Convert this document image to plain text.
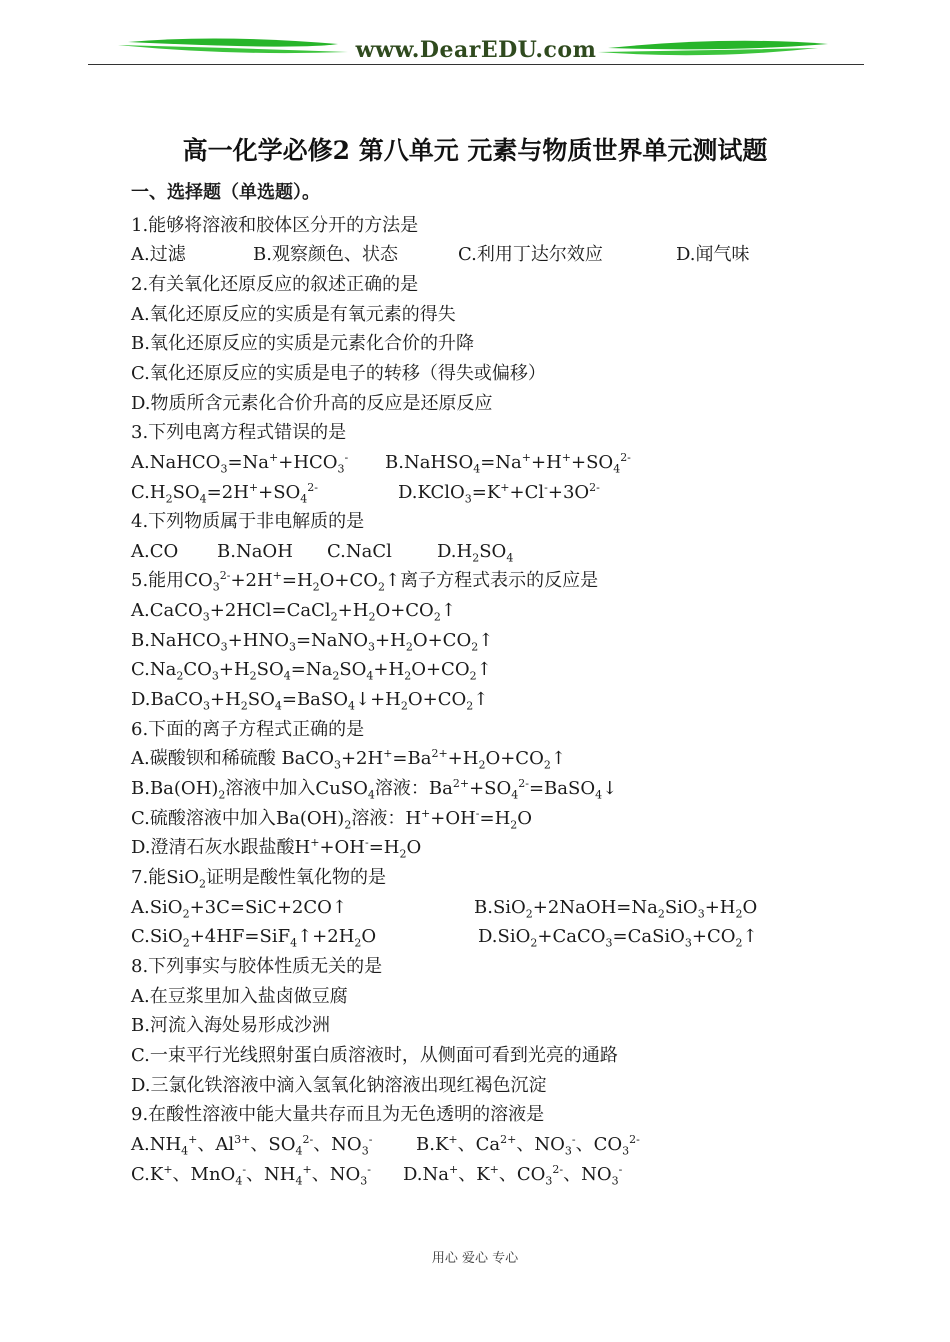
www.DearEDU.com
高一化学必修2 第八单元 元素与物质世界单元测试题
一、选择题（单选题）。
1.能够将溶液和胶体区分开的方法是
A.过滤	B.观察颜色、状态	C.利用丁达尔效应	D.闻气味
2.有关氧化还原反应的叙述正确的是
A.氧化还原反应的实质是有氧元素的得失
B.氧化还原反应的实质是元素化合价的升降
C.氧化还原反应的实质是电子的转移（得失或偏移）
D.物质所含元素化合价升高的反应是还原反应
3.下列电离方程式错误的是
$A.NaHCO_3=Na^++HCO_3^-$ $B.NaHSO_4=Na^++H^++SO_4^{2-}$
$C.H_2SO_4=2H^++SO_4^{2-}$	$D.KClO_3=K^++Cl^-+3O^{2-}$
4.下列物质属于非电解质的是
A.CO B.NaOH C.NaCl	$D.H_2SO_4$
5.能用$CO_3^{2-}+2H^+=H_2O+CO_2↑$离子方程式表示的反应是
$A.CaCO_3+2HCl=CaCl_2+H_2O+CO_2↑$
$B.NaHCO_3+HNO_3=NaNO_3+H_2O+CO_2↑$
$C.Na_2CO_3+H_2SO_4=Na_2SO_4+H_2O+CO_2↑$
$D.BaCO_3+H_2SO_4=BaSO_4↓+H_2O+CO_2↑$
6.下面的离子方程式正确的是
A.碳酸钡和稀硫酸 $BaCO_3+2H^+=Ba^{2+}+H_2O+CO_2↑$
$B.Ba(OH)_2$溶液中加入CuSO$_4$溶液：$Ba^{2+}+SO_4^{2-}=BaSO_4↓$
C.硫酸溶液中加入$Ba(OH)_2$溶液：$H^++OH^-=H_2O$
D.澄清石灰水跟盐酸$H^++OH^-=H_2O$
7.能SiO$_2$证明是酸性氧化物的是
A.SiO$_2$+3C=SiC+2CO↑	$B.SiO_2+2NaOH=Na_2SiO_3+H_2O$
$C.SiO_2+4HF=SiF_4↑+2H_2O$	$D.SiO_2+CaCO_3=CaSiO_3+CO_2↑$
8.下列事实与胶体性质无关的是
A.在豆浆里加入盐卤做豆腐
B.河流入海处易形成沙洲
C.一束平行光线照射蛋白质溶液时，从侧面可看到光亮的通路
D.三氯化铁溶液中滴入氢氧化钠溶液出现红褐色沉淀
9.在酸性溶液中能大量共存而且为无色透明的溶液是
$A.NH_4^+$、$Al^{3+}$、$SO_4^{2-}$、$NO_3^-$ B.K+、$Ca^{2+}$、$NO_3^-$、$CO_3^{2-}$
C.K+、MnO$_4$-、$NH_4^+$、$NO_3^-$ D.Na+、K+、$CO_3^{2-}$、$NO_3^-$
用心 爱心 专心
